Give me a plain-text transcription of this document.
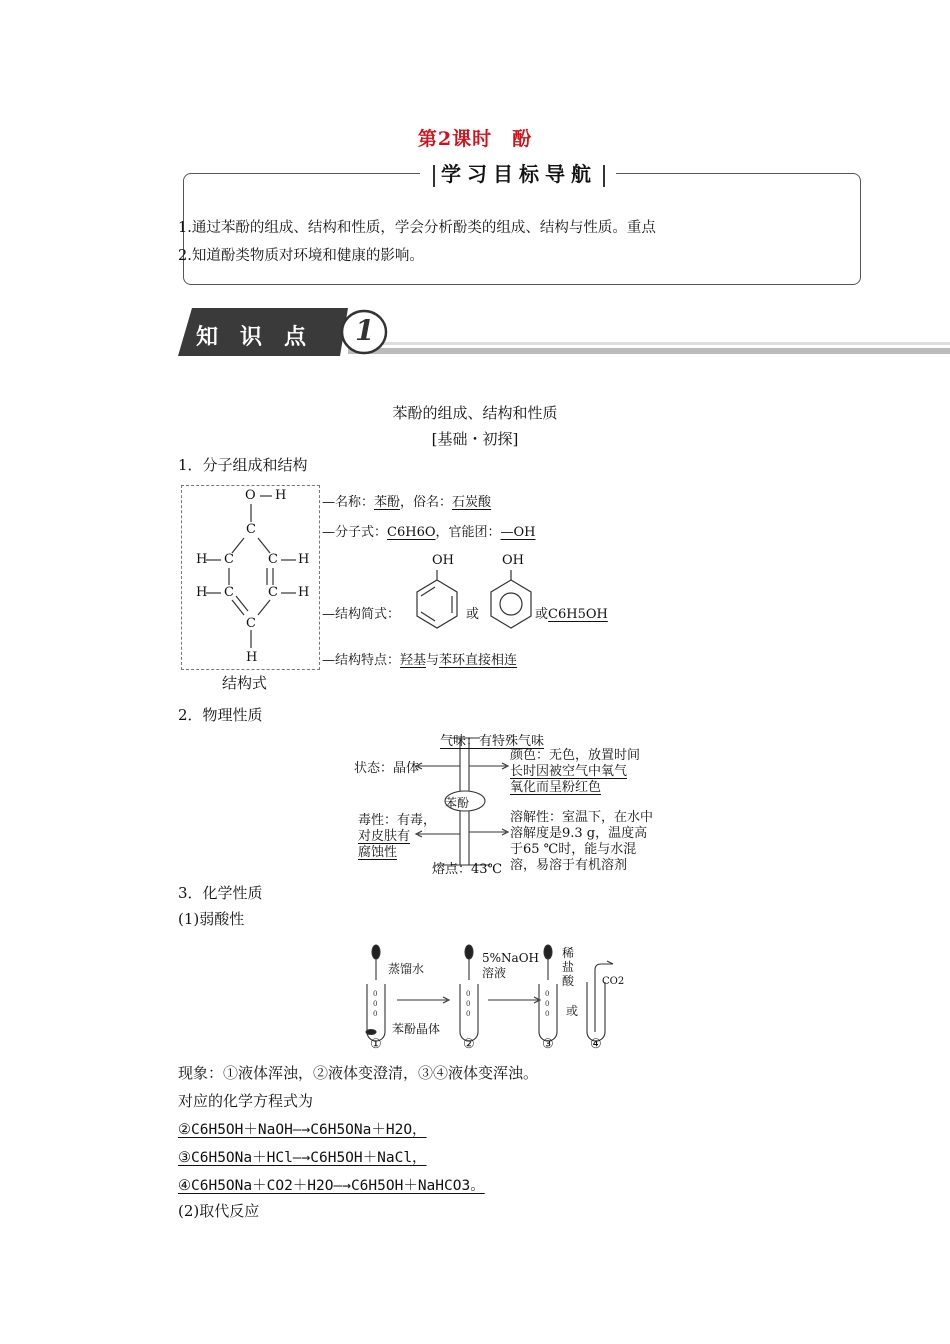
第2课时　酚
学习目标导航
1.通过苯酚的组成、结构和性质，学会分析酚类的组成、结构与性质。重点
2.知道酚类物质对环境和健康的影响。
知识点 1
苯酚的组成、结构和性质
[基础・初探]
1．分子组成和结构
O H
C
H C	C H
H C	C H
C
H
结构式
—名称：苯酚，俗名：石炭酸
—分子式：C6H6O，官能团：—OH
—结构简式：
OH
或
OH
或C6H5OH
—结构特点：羟基与苯环直接相连
2．物理性质
苯酚
气味：有特殊气味
状态：晶体
颜色：无色，放置时间
长时因被空气中氧气
氧化而呈粉红色
毒性：有毒，
对皮肤有
腐蚀性
溶解性：室温下，在水中
溶解度是9.3 g，温度高
于65 ℃时，能与水混
溶，易溶于有机溶剂
熔点：43℃
3．化学性质
(1)弱酸性
0
0
0
0
0
0
0
0
0
蒸馏水
苯酚晶体
5%NaOH
溶液
稀
盐
酸
或
CO2
①	②	③	④
现象：①液体浑浊，②液体变澄清，③④液体变浑浊。
对应的化学方程式为
②C6H5OH＋NaOH—→C6H5ONa＋H2O，
③C6H5ONa＋HCl—→C6H5OH＋NaCl，
④C6H5ONa＋CO2＋H2O—→C6H5OH＋NaHCO3。
(2)取代反应
